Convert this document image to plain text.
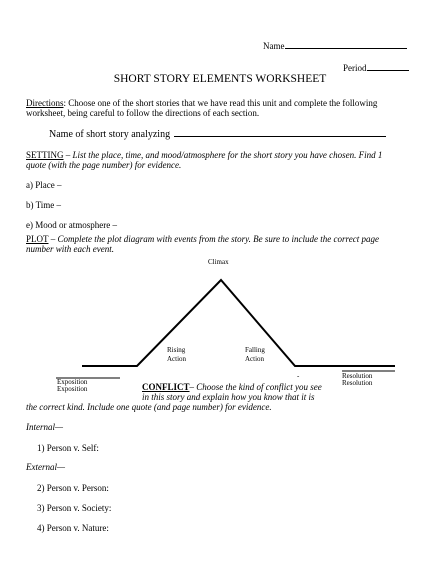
Name
Period
SHORT STORY ELEMENTS WORKSHEET
Directions: Choose one of the short stories that we have read this unit and complete the following
worksheet, being careful to follow the directions of each section.
Name of short story analyzing
SETTING – List the place, time, and mood/atmosphere for the short story you have chosen. Find 1
quote (with the page number) for evidence.
a) Place –
b) Time –
e) Mood or atmosphere –
PLOT – Complete the plot diagram with events from the story. Be sure to include the correct page
number with each event.
Climax
Rising
Action
Falling
Action
Exposition
Exposition
Resolution
Resolution
-
CONFLICT– Choose the kind of conflict you see
in this story and explain how you know that it is
the correct kind. Include one quote (and page number) for evidence.
Internal—
1) Person v. Self:
External—
2) Person v. Person:
3) Person v. Society:
4) Person v. Nature:
